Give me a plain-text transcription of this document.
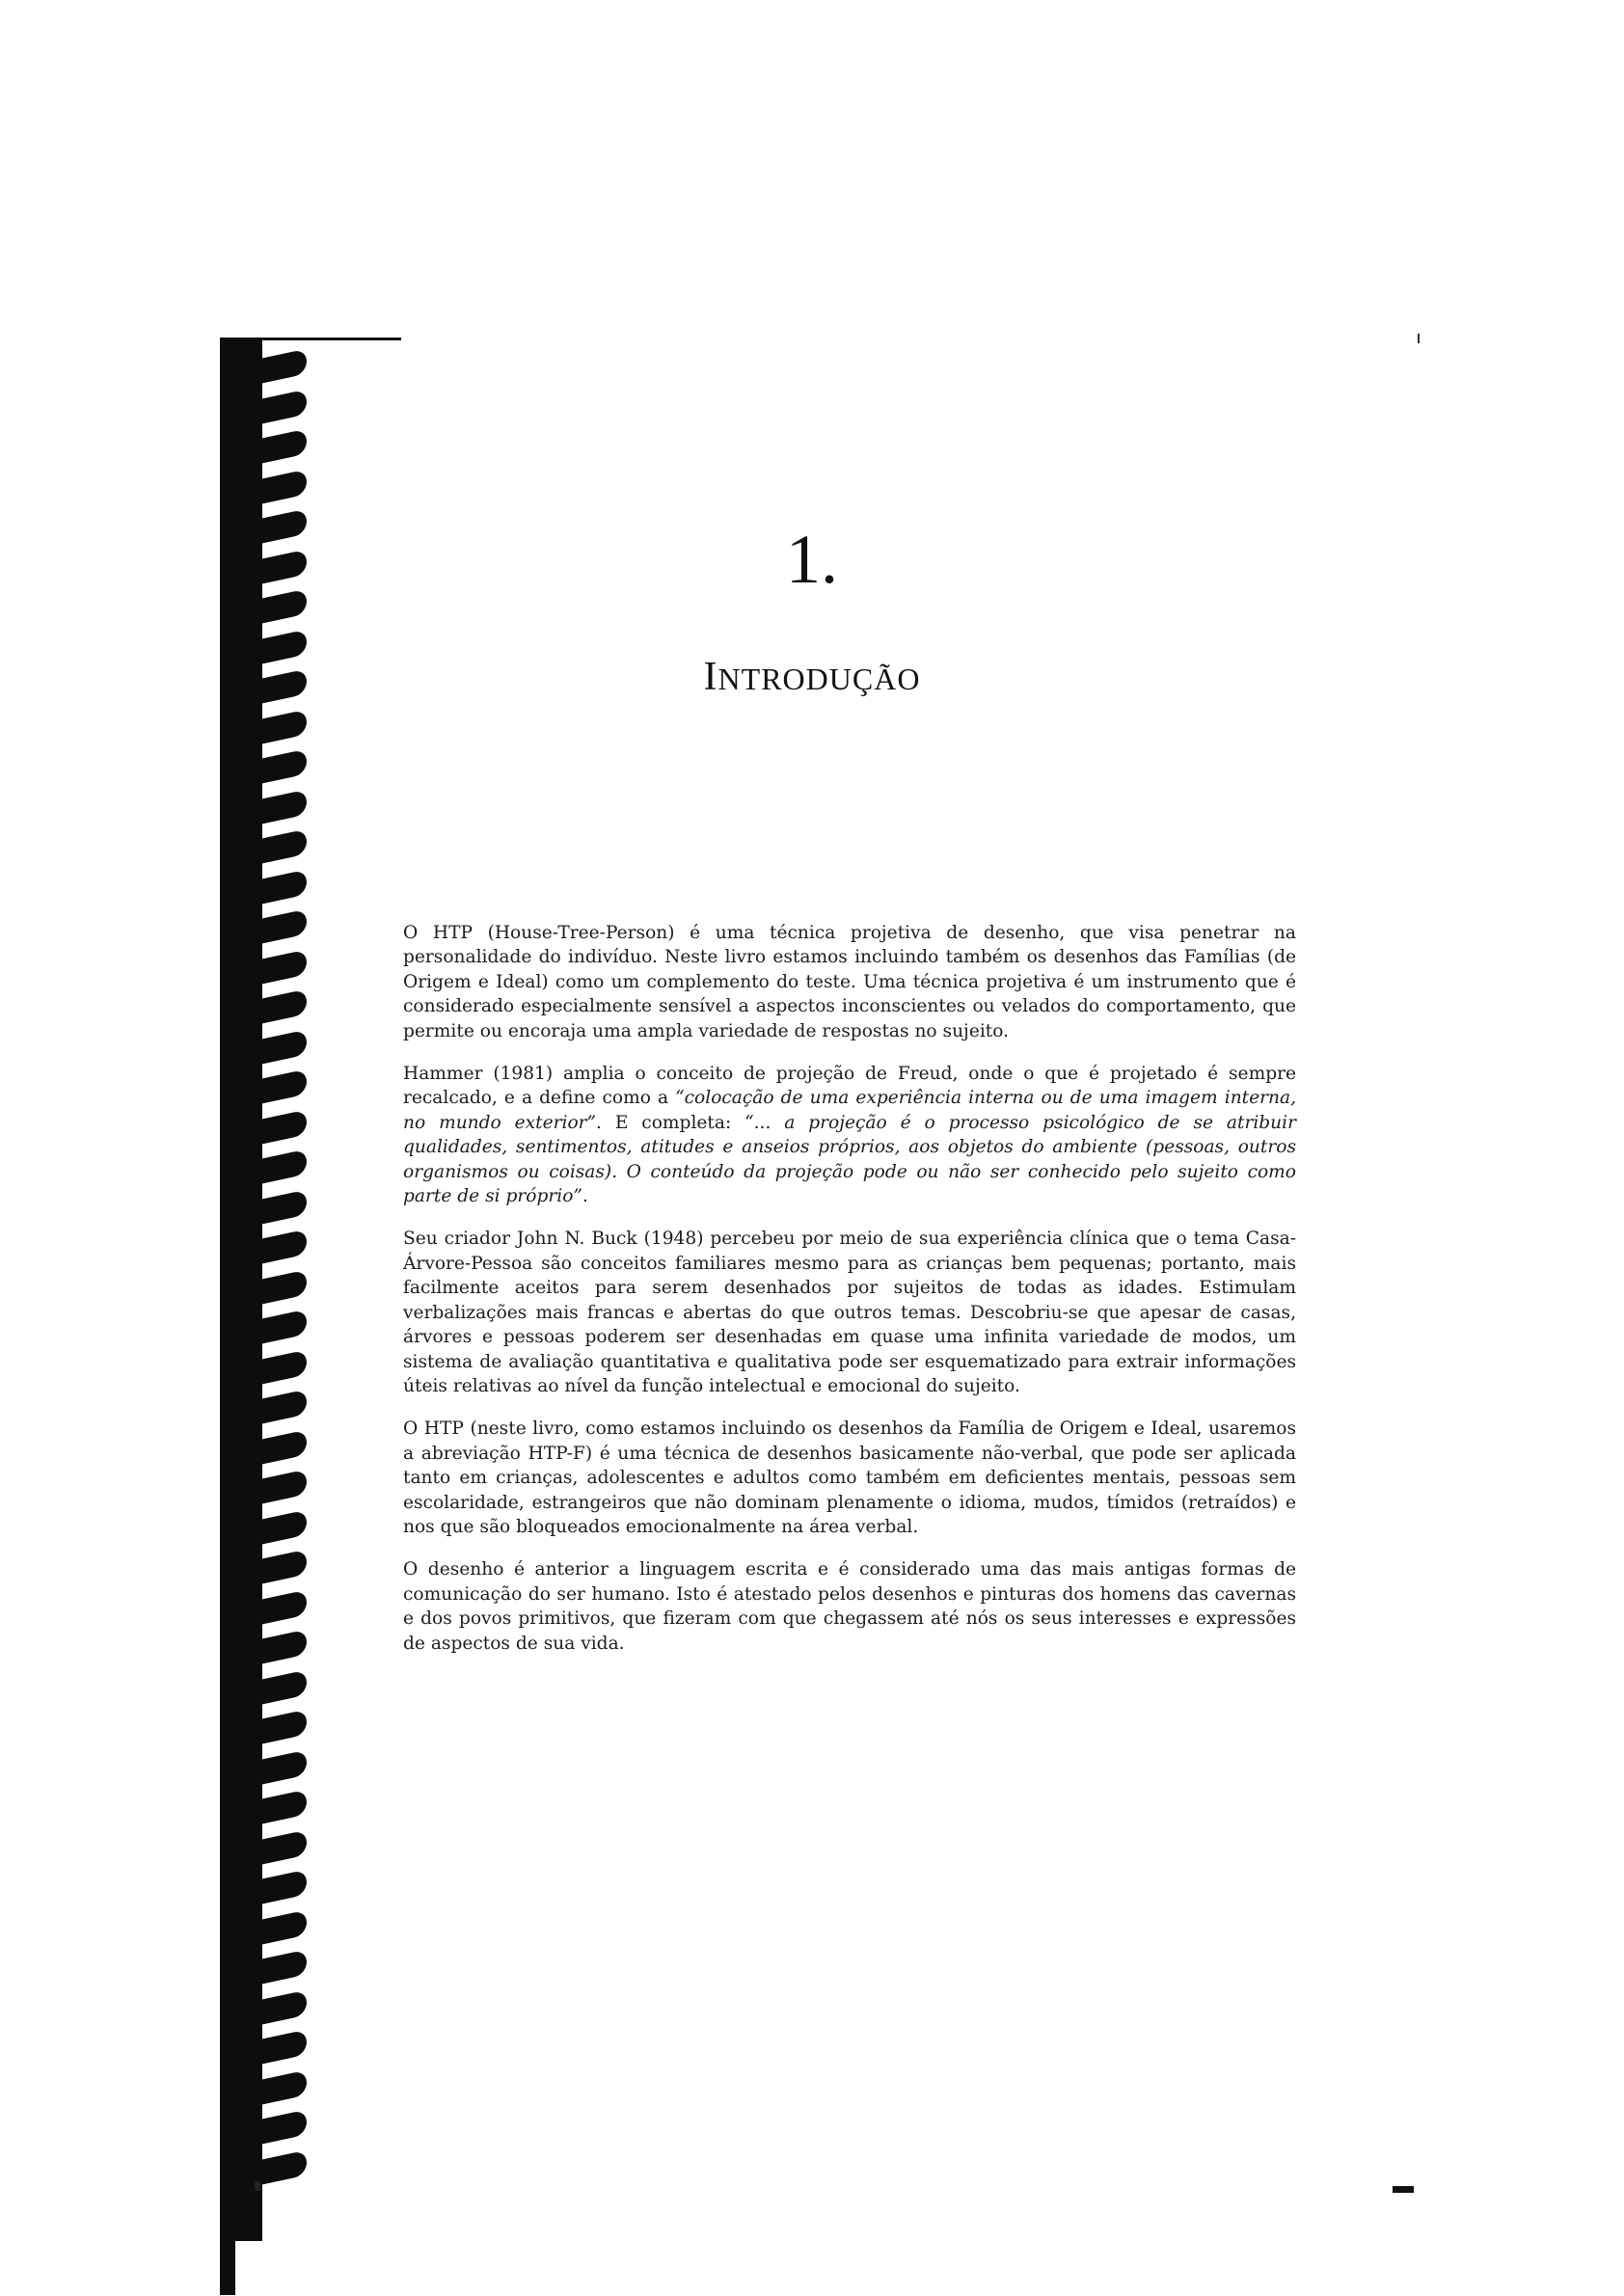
1.
INTRODUÇÃO

O HTP (House-Tree-Person) é uma técnica projetiva de desenho, que visa penetrar na personalidade do indivíduo. Neste livro estamos incluindo também os desenhos das Famílias (de Origem e Ideal) como um complemento do teste. Uma técnica projetiva é um instrumento que é considerado especialmente sensível a aspectos inconscientes ou velados do comportamento, que permite ou encoraja uma ampla variedade de respostas no sujeito.

Hammer (1981) amplia o conceito de projeção de Freud, onde o que é projetado é sempre recalcado, e a define como a “colocação de uma experiência interna ou de uma imagem interna, no mundo exterior”. E completa: “... a projeção é o processo psicológico de se atribuir qualidades, sentimentos, atitudes e anseios próprios, aos objetos do ambiente (pessoas, outros organismos ou coisas). O conteúdo da projeção pode ou não ser conhecido pelo sujeito como parte de si próprio”.

Seu criador John N. Buck (1948) percebeu por meio de sua experiência clínica que o tema Casa-Árvore-Pessoa são conceitos familiares mesmo para as crianças bem pequenas; portanto, mais facilmente aceitos para serem desenhados por sujeitos de todas as idades. Estimulam verbalizações mais francas e abertas do que outros temas. Descobriu-se que apesar de casas, árvores e pessoas poderem ser desenhadas em quase uma infinita variedade de modos, um sistema de avaliação quantitativa e qualitativa pode ser esquematizado para extrair informações úteis relativas ao nível da função intelectual e emocional do sujeito.

O HTP (neste livro, como estamos incluindo os desenhos da Família de Origem e Ideal, usaremos a abreviação HTP-F) é uma técnica de desenhos basicamente não-verbal, que pode ser aplicada tanto em crianças, adolescentes e adultos como também em deficientes mentais, pessoas sem escolaridade, estrangeiros que não dominam plenamente o idioma, mudos, tímidos (retraídos) e nos que são bloqueados emocionalmente na área verbal.

O desenho é anterior a linguagem escrita e é considerado uma das mais antigas formas de comunicação do ser humano. Isto é atestado pelos desenhos e pinturas dos homens das cavernas e dos povos primitivos, que fizeram com que chegassem até nós os seus interesses e expressões de aspectos de sua vida.
